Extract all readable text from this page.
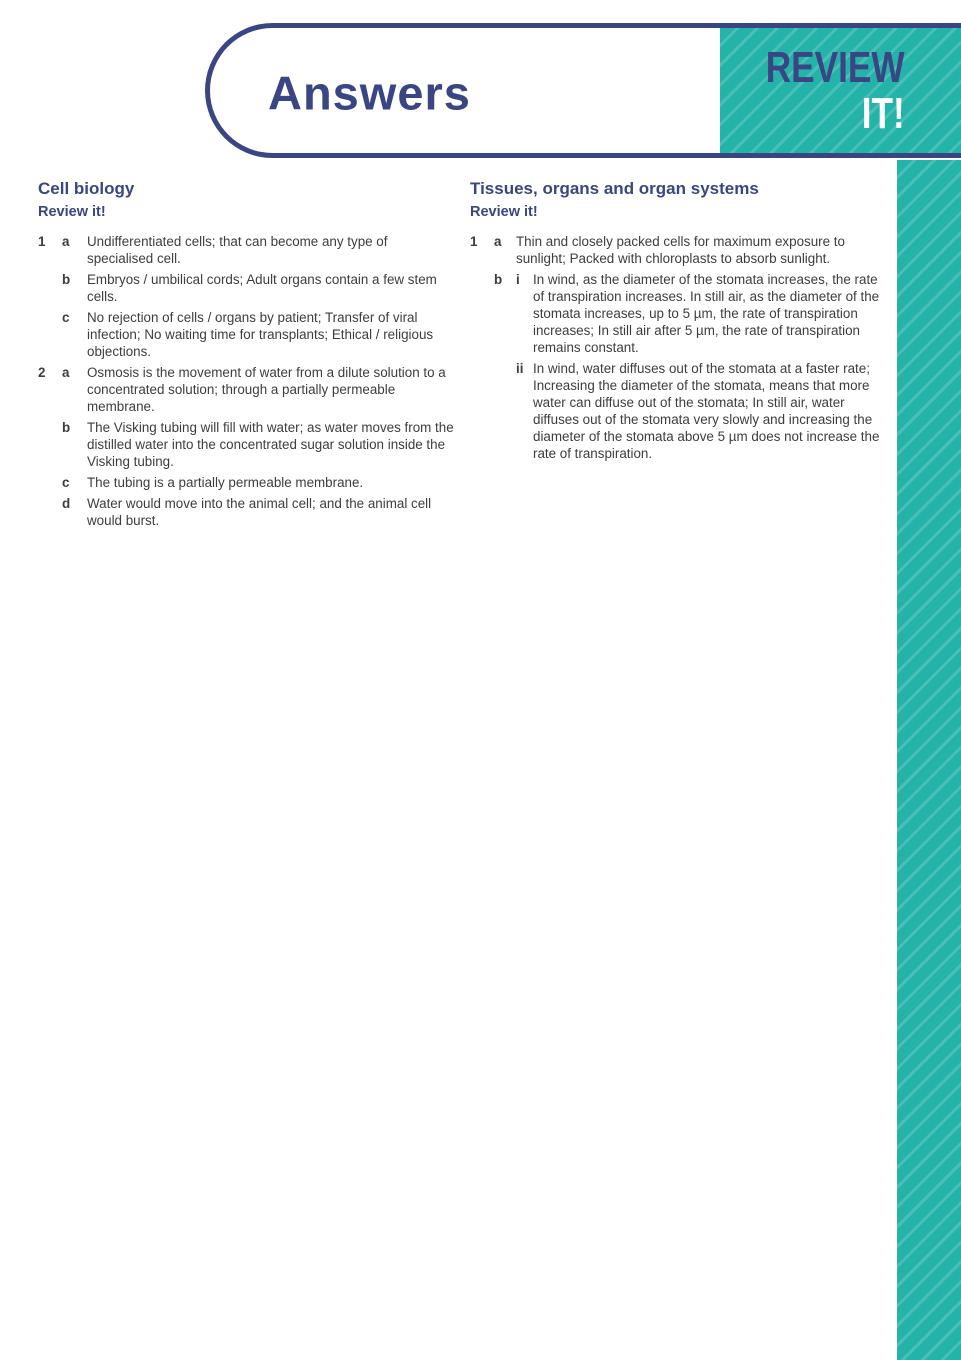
Answers	REVIEW
IT!
Cell biology
Review it!
1	a	Undifferentiated cells; that can become any type of specialised cell.
b	Embryos / umbilical cords; Adult organs contain a few stem cells.
c	No rejection of cells / organs by patient; Transfer of viral infection; No waiting time for transplants; Ethical / religious objections.
2	a	Osmosis is the movement of water from a dilute solution to a concentrated solution; through a partially permeable membrane.
b	The Visking tubing will fill with water; as water moves from the distilled water into the concentrated sugar solution inside the Visking tubing.
c	The tubing is a partially permeable membrane.
d	Water would move into the animal cell; and the animal cell would burst.
Tissues, organs and organ systems
Review it!
1	a	Thin and closely packed cells for maximum exposure to sunlight; Packed with chloroplasts to absorb sunlight.
b	i In wind, as the diameter of the stomata increases, the rate of transpiration increases. In still air, as the diameter of the stomata increases, up to 5 µm, the rate of transpiration increases; In still air after 5 µm, the rate of transpiration remains constant.
ii In wind, water diffuses out of the stomata at a faster rate; Increasing the diameter of the stomata, means that more water can diffuse out of the stomata; In still air, water diffuses out of the stomata very slowly and increasing the diameter of the stomata above 5 µm does not increase the rate of transpiration.
